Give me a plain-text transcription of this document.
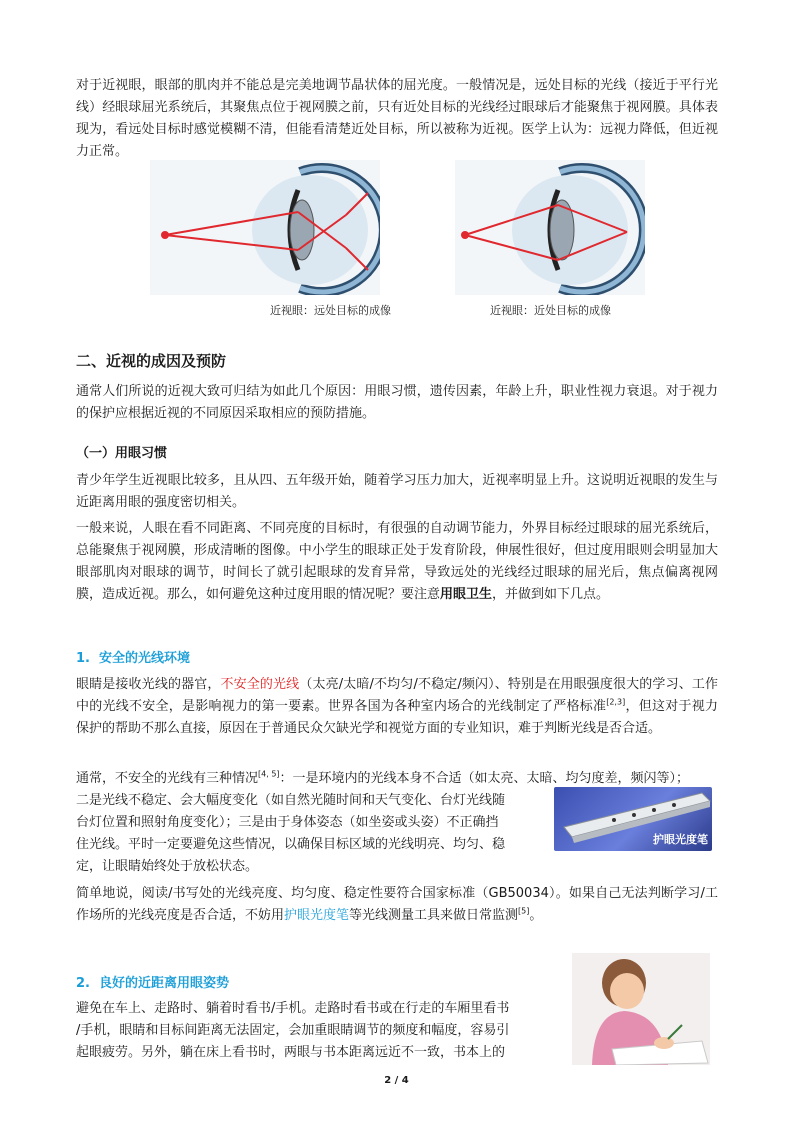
对于近视眼，眼部的肌肉并不能总是完美地调节晶状体的屈光度。一般情况是，远处目标的光线（接近于平行光线）经眼球屈光系统后，其聚焦点位于视网膜之前，只有近处目标的光线经过眼球后才能聚焦于视网膜。具体表现为，看远处目标时感觉模糊不清，但能看清楚近处目标，所以被称为近视。医学上认为：远视力降低，但近视力正常。

近视眼：远处目标的成像	近视眼：近处目标的成像
二、近视的成因及预防

通常人们所说的近视大致可归结为如此几个原因：用眼习惯，遗传因素，年龄上升，职业性视力衰退。对于视力的保护应根据近视的不同原因采取相应的预防措施。

（一）用眼习惯

青少年学生近视眼比较多，且从四、五年级开始，随着学习压力加大，近视率明显上升。这说明近视眼的发生与近距离用眼的强度密切相关。

一般来说，人眼在看不同距离、不同亮度的目标时，有很强的自动调节能力，外界目标经过眼球的屈光系统后，总能聚焦于视网膜，形成清晰的图像。中小学生的眼球正处于发育阶段，伸展性很好，但过度用眼则会明显加大眼部肌肉对眼球的调节，时间长了就引起眼球的发育异常，导致远处的光线经过眼球的屈光后，焦点偏离视网膜，造成近视。那么，如何避免这种过度用眼的情况呢？要注意用眼卫生，并做到如下几点。

1. 安全的光线环境

眼睛是接收光线的器官，不安全的光线（太亮/太暗/不均匀/不稳定/频闪）、特别是在用眼强度很大的学习、工作中的光线不安全，是影响视力的第一要素。世界各国为各种室内场合的光线制定了严格标准[2,3]，但这对于视力保护的帮助不那么直接，原因在于普通民众欠缺光学和视觉方面的专业知识，难于判断光线是否合适。

通常，不安全的光线有三种情况[4, 5]：一是环境内的光线本身不合适（如太亮、太暗、均匀度差，频闪等）；

二是光线不稳定、会大幅度变化（如自然光随时间和天气变化、台灯光线随
台灯位置和照射角度变化）；三是由于身体姿态（如坐姿或头姿）不正确挡
住光线。平时一定要避免这些情况，以确保目标区域的光线明亮、均匀、稳
定，让眼睛始终处于放松状态。
护眼光度笔

简单地说，阅读/书写处的光线亮度、均匀度、稳定性要符合国家标准（GB50034）。如果自己无法判断学习/工作场所的光线亮度是否合适，不妨用护眼光度笔等光线测量工具来做日常监测[5]。

2. 良好的近距离用眼姿势
避免在车上、走路时、躺着时看书/手机。走路时看书或在行走的车厢里看书
/手机，眼睛和目标间距离无法固定，会加重眼睛调节的频度和幅度，容易引
起眼疲劳。另外，躺在床上看书时，两眼与书本距离远近不一致，书本上的
2 / 4
